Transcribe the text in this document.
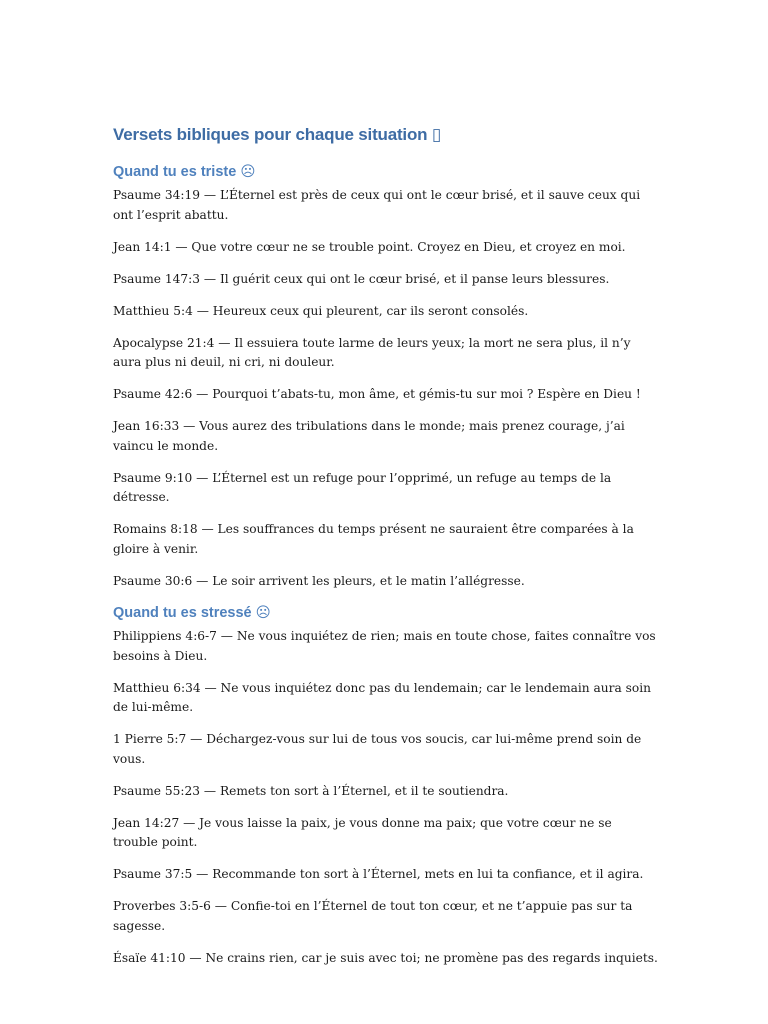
Versets bibliques pour chaque situation ▯
Quand tu es triste ☹

Psaume 34:19 — L’Éternel est près de ceux qui ont le cœur brisé, et il sauve ceux qui ont l’esprit abattu.

Jean 14:1 — Que votre cœur ne se trouble point. Croyez en Dieu, et croyez en moi.

Psaume 147:3 — Il guérit ceux qui ont le cœur brisé, et il panse leurs blessures.

Matthieu 5:4 — Heureux ceux qui pleurent, car ils seront consolés.

Apocalypse 21:4 — Il essuiera toute larme de leurs yeux; la mort ne sera plus, il n’y aura plus ni deuil, ni cri, ni douleur.

Psaume 42:6 — Pourquoi t’abats-tu, mon âme, et gémis-tu sur moi ? Espère en Dieu !

Jean 16:33 — Vous aurez des tribulations dans le monde; mais prenez courage, j’ai vaincu le monde.

Psaume 9:10 — L’Éternel est un refuge pour l’opprimé, un refuge au temps de la détresse.

Romains 8:18 — Les souffrances du temps présent ne sauraient être comparées à la gloire à venir.

Psaume 30:6 — Le soir arrivent les pleurs, et le matin l’allégresse.

Quand tu es stressé ☹

Philippiens 4:6-7 — Ne vous inquiétez de rien; mais en toute chose, faites connaître vos besoins à Dieu.

Matthieu 6:34 — Ne vous inquiétez donc pas du lendemain; car le lendemain aura soin de lui-même.

1 Pierre 5:7 — Déchargez-vous sur lui de tous vos soucis, car lui-même prend soin de vous.

Psaume 55:23 — Remets ton sort à l’Éternel, et il te soutiendra.

Jean 14:27 — Je vous laisse la paix, je vous donne ma paix; que votre cœur ne se trouble point.

Psaume 37:5 — Recommande ton sort à l’Éternel, mets en lui ta confiance, et il agira.

Proverbes 3:5-6 — Confie-toi en l’Éternel de tout ton cœur, et ne t’appuie pas sur ta sagesse.

Ésaïe 41:10 — Ne crains rien, car je suis avec toi; ne promène pas des regards inquiets.
